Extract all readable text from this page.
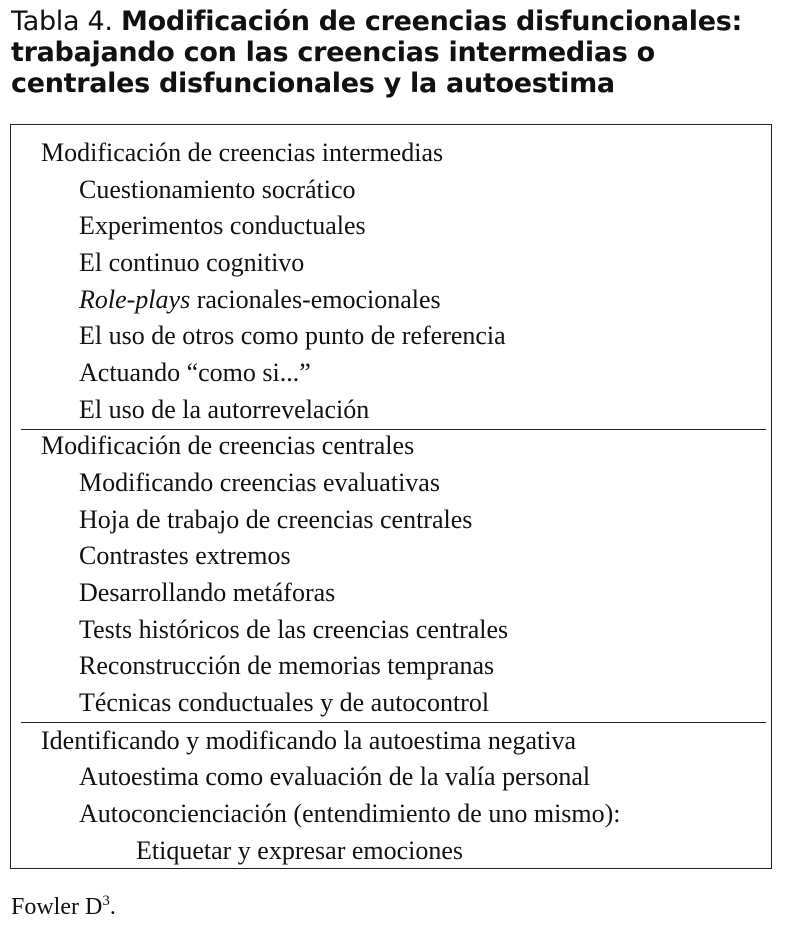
Tabla 4. Modificación de creencias disfuncionales: trabajando con las creencias intermedias o centrales disfuncionales y la autoestima
Modificación de creencias intermedias
Cuestionamiento socrático
Experimentos conductuales
El continuo cognitivo
Role-plays racionales-emocionales
El uso de otros como punto de referencia
Actuando “como si...”
El uso de la autorrevelación
Modificación de creencias centrales
Modificando creencias evaluativas
Hoja de trabajo de creencias centrales
Contrastes extremos
Desarrollando metáforas
Tests históricos de las creencias centrales
Reconstrucción de memorias tempranas
Técnicas conductuales y de autocontrol
Identificando y modificando la autoestima negativa
Autoestima como evaluación de la valía personal
Autoconcienciación (entendimiento de uno mismo):
Etiquetar y expresar emociones
Fowler $D^3$.
